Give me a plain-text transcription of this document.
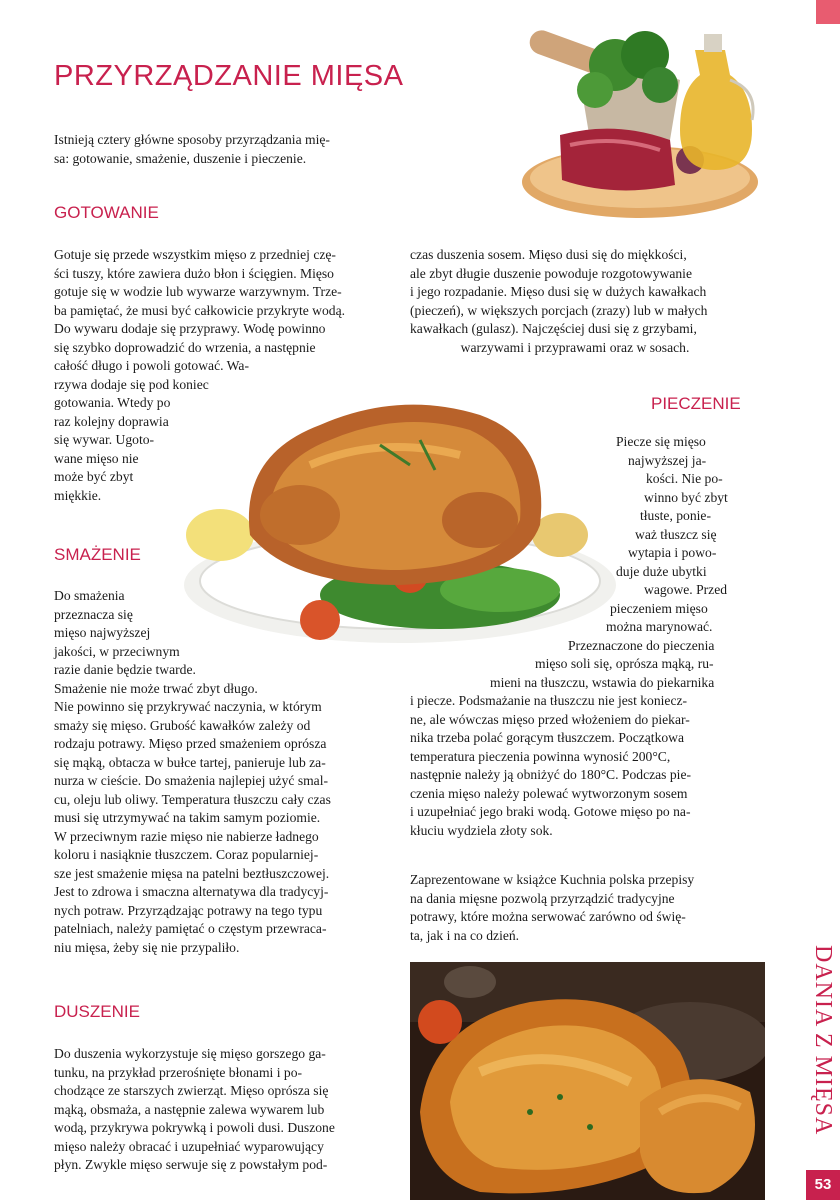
PRZYRZĄDZANIE MIĘSA
Istnieją cztery główne sposoby przyrządzania mię-
sa: gotowanie, smażenie, duszenie i pieczenie.
GOTOWANIE
Gotuje się przede wszystkim mięso z przedniej czę-
ści tuszy, które zawiera dużo błon i ścięgien. Mięso
gotuje się w wodzie lub wywarze warzywnym. Trze-
ba pamiętać, że musi być całkowicie przykryte wodą.
Do wywaru dodaje się przyprawy. Wodę powinno
się szybko doprowadzić do wrzenia, a następnie
całość długo i powoli gotować. Wa-
rzywa dodaje się pod koniec
gotowania. Wtedy po
raz kolejny doprawia
się wywar. Ugoto-
wane mięso nie
może być zbyt
miękkie.
czas duszenia sosem. Mięso dusi się do miękkości,
ale zbyt długie duszenie powoduje rozgotowywanie
i jego rozpadanie. Mięso dusi się w dużych kawałkach
(pieczeń), w większych porcjach (zrazy) lub w małych
kawałkach (gulasz). Najczęściej dusi się z grzybami,
warzywami i przyprawami oraz w sosach.
SMAŻENIE
Do smażenia
przeznacza się
mięso najwyższej
jakości, w przeciwnym
razie danie będzie twarde.
Smażenie nie może trwać zbyt długo.
Nie powinno się przykrywać naczynia, w którym
smaży się mięso. Grubość kawałków zależy od
rodzaju potrawy. Mięso przed smażeniem oprósza
się mąką, obtacza w bułce tartej, panieruje lub za-
nurza w cieście. Do smażenia najlepiej użyć smal-
cu, oleju lub oliwy. Temperatura tłuszczu cały czas
musi się utrzymywać na takim samym poziomie.
W przeciwnym razie mięso nie nabierze ładnego
koloru i nasiąknie tłuszczem. Coraz popularniej-
sze jest smażenie mięsa na patelni beztłuszczowej.
Jest to zdrowa i smaczna alternatywa dla tradycyj-
nych potraw. Przyrządzając potrawy na tego typu
patelniach, należy pamiętać o częstym przewraca-
niu mięsa, żeby się nie przypaliło.
PIECZENIE
Piecze się mięso
najwyższej ja-
kości. Nie po-
winno być zbyt
tłuste, ponie-
waż tłuszcz się
wytapia i powo-
duje duże ubytki
wagowe. Przed
pieczeniem mięso
można marynować.
Przeznaczone do pieczenia
mięso soli się, oprósza mąką, ru-
mieni na tłuszczu, wstawia do piekarnika
i piecze. Podsmażanie na tłuszczu nie jest koniecz-
ne, ale wówczas mięso przed włożeniem do piekar-
nika trzeba polać gorącym tłuszczem. Początkowa
temperatura pieczenia powinna wynosić 200°C,
następnie należy ją obniżyć do 180°C. Podczas pie-
czenia mięso należy polewać wytworzonym sosem
i uzupełniać jego braki wodą. Gotowe mięso po na-
kłuciu wydziela złoty sok.
Zaprezentowane w książce Kuchnia polska przepisy
na dania mięsne pozwolą przyrządzić tradycyjne
potrawy, które można serwować zarówno od świę-
ta, jak i na co dzień.
DUSZENIE
Do duszenia wykorzystuje się mięso gorszego ga-
tunku, na przykład przerośnięte błonami i po-
chodzące ze starszych zwierząt. Mięso oprósza się
mąką, obsmaża, a następnie zalewa wywarem lub
wodą, przykrywa pokrywką i powoli dusi. Duszone
mięso należy obracać i uzupełniać wyparowujący
płyn. Zwykle mięso serwuje się z powstałym pod-
DANIA Z MIĘSA
53
